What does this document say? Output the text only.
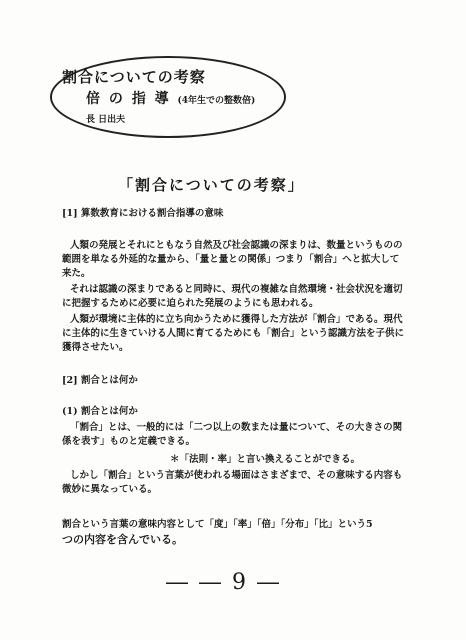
割合についての考察
倍 の 指 導 (4年生での整数倍)
長 日出夫
「割合についての考察」
[1] 算数教育における割合指導の意味
人類の発展とそれにともなう自然及び社会認識の深まりは、数量というものの
範囲を単なる外延的な量から、「量と量との関係」つまり「割合」へと拡大して
来た。
それは認識の深まりであると同時に、現代の複雑な自然環境・社会状況を適切
に把握するために必要に迫られた発展のようにも思われる。
人類が環境に主体的に立ち向かうために獲得した方法が「割合」である。現代
に主体的に生きていける人間に育てるためにも「割合」という認識方法を子供に
獲得させたい。
[2] 割合とは何か
(1) 割合とは何か
「割合」とは、一般的には「二つ以上の数または量について、その大きさの関
係を表す」ものと定義できる。
＊「法則・率」と言い換えることができる。
しかし「割合」という言葉が使われる場面はさまざまで、その意味する内容も
微妙に異なっている。
割合という言葉の意味内容として「度」「率」「倍」「分布」「比」という5
つの内容を含んでいる。
― ― 9 ―
